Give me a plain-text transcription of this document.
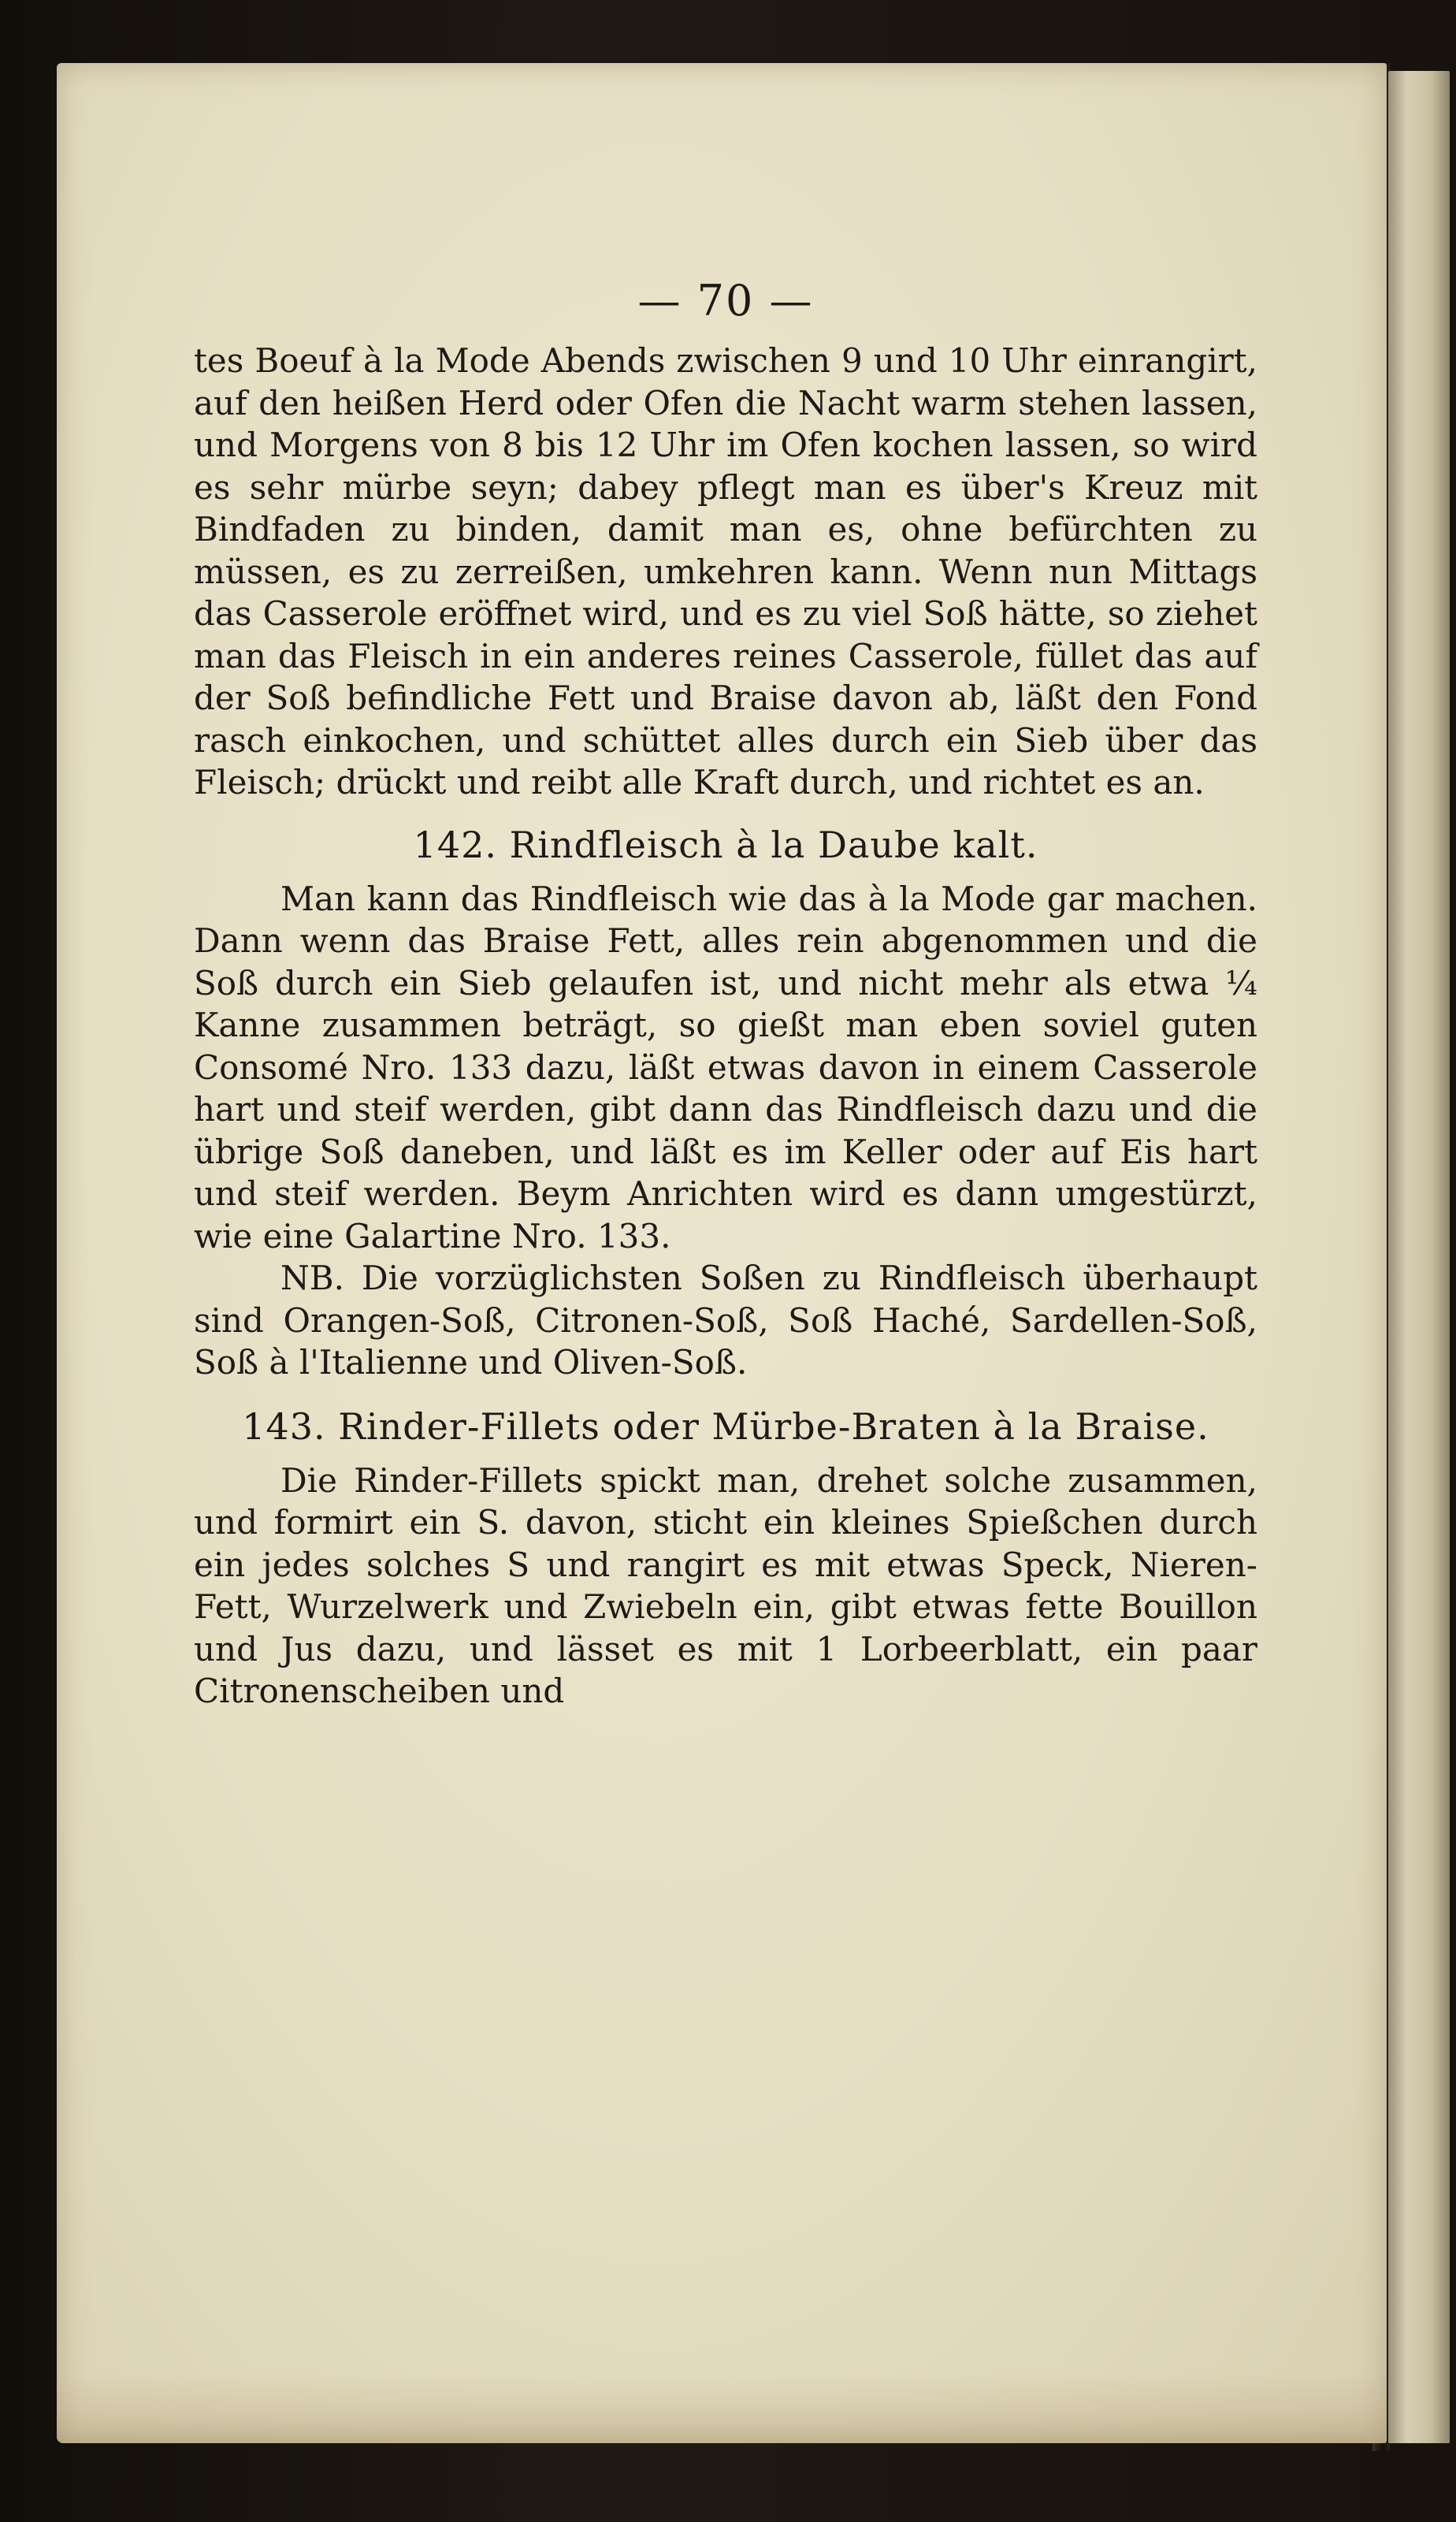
— 70 —

tes Boeuf à la Mode Abends zwischen 9 und 10 Uhr einrangirt, auf den heißen Herd oder Ofen die Nacht warm stehen lassen, und Morgens von 8 bis 12 Uhr im Ofen kochen lassen, so wird es sehr mürbe seyn; dabey pflegt man es über's Kreuz mit Bindfaden zu binden, damit man es, ohne befürchten zu müssen, es zu zerreißen, umkehren kann. Wenn nun Mittags das Casserole eröffnet wird, und es zu viel Soß hätte, so ziehet man das Fleisch in ein anderes reines Casserole, füllet das auf der Soß befindliche Fett und Braise davon ab, läßt den Fond rasch einkochen, und schüttet alles durch ein Sieb über das Fleisch; drückt und reibt alle Kraft durch, und richtet es an.

142. Rindfleisch à la Daube kalt.

Man kann das Rindfleisch wie das à la Mode gar machen. Dann wenn das Braise Fett, alles rein abgenommen und die Soß durch ein Sieb gelaufen ist, und nicht mehr als etwa ¼ Kanne zusammen beträgt, so gießt man eben soviel guten Consomé Nro. 133 dazu, läßt etwas davon in einem Casserole hart und steif werden, gibt dann das Rindfleisch dazu und die übrige Soß daneben, und läßt es im Keller oder auf Eis hart und steif werden. Beym Anrichten wird es dann umgestürzt, wie eine Galartine Nro. 133.

NB. Die vorzüglichsten Soßen zu Rindfleisch überhaupt sind Orangen-Soß, Citronen-Soß, Soß Haché, Sardellen-Soß, Soß à l'Italienne und Oliven-Soß.

143. Rinder-Fillets oder Mürbe-Braten à la Braise.

Die Rinder-Fillets spickt man, drehet solche zusammen, und formirt ein S. davon, sticht ein kleines Spießchen durch ein jedes solches S und rangirt es mit etwas Speck, Nieren-Fett, Wurzelwerk und Zwiebeln ein, gibt etwas fette Bouillon und Jus dazu, und lässet es mit 1 Lorbeerblatt, ein paar Citronenscheiben und
